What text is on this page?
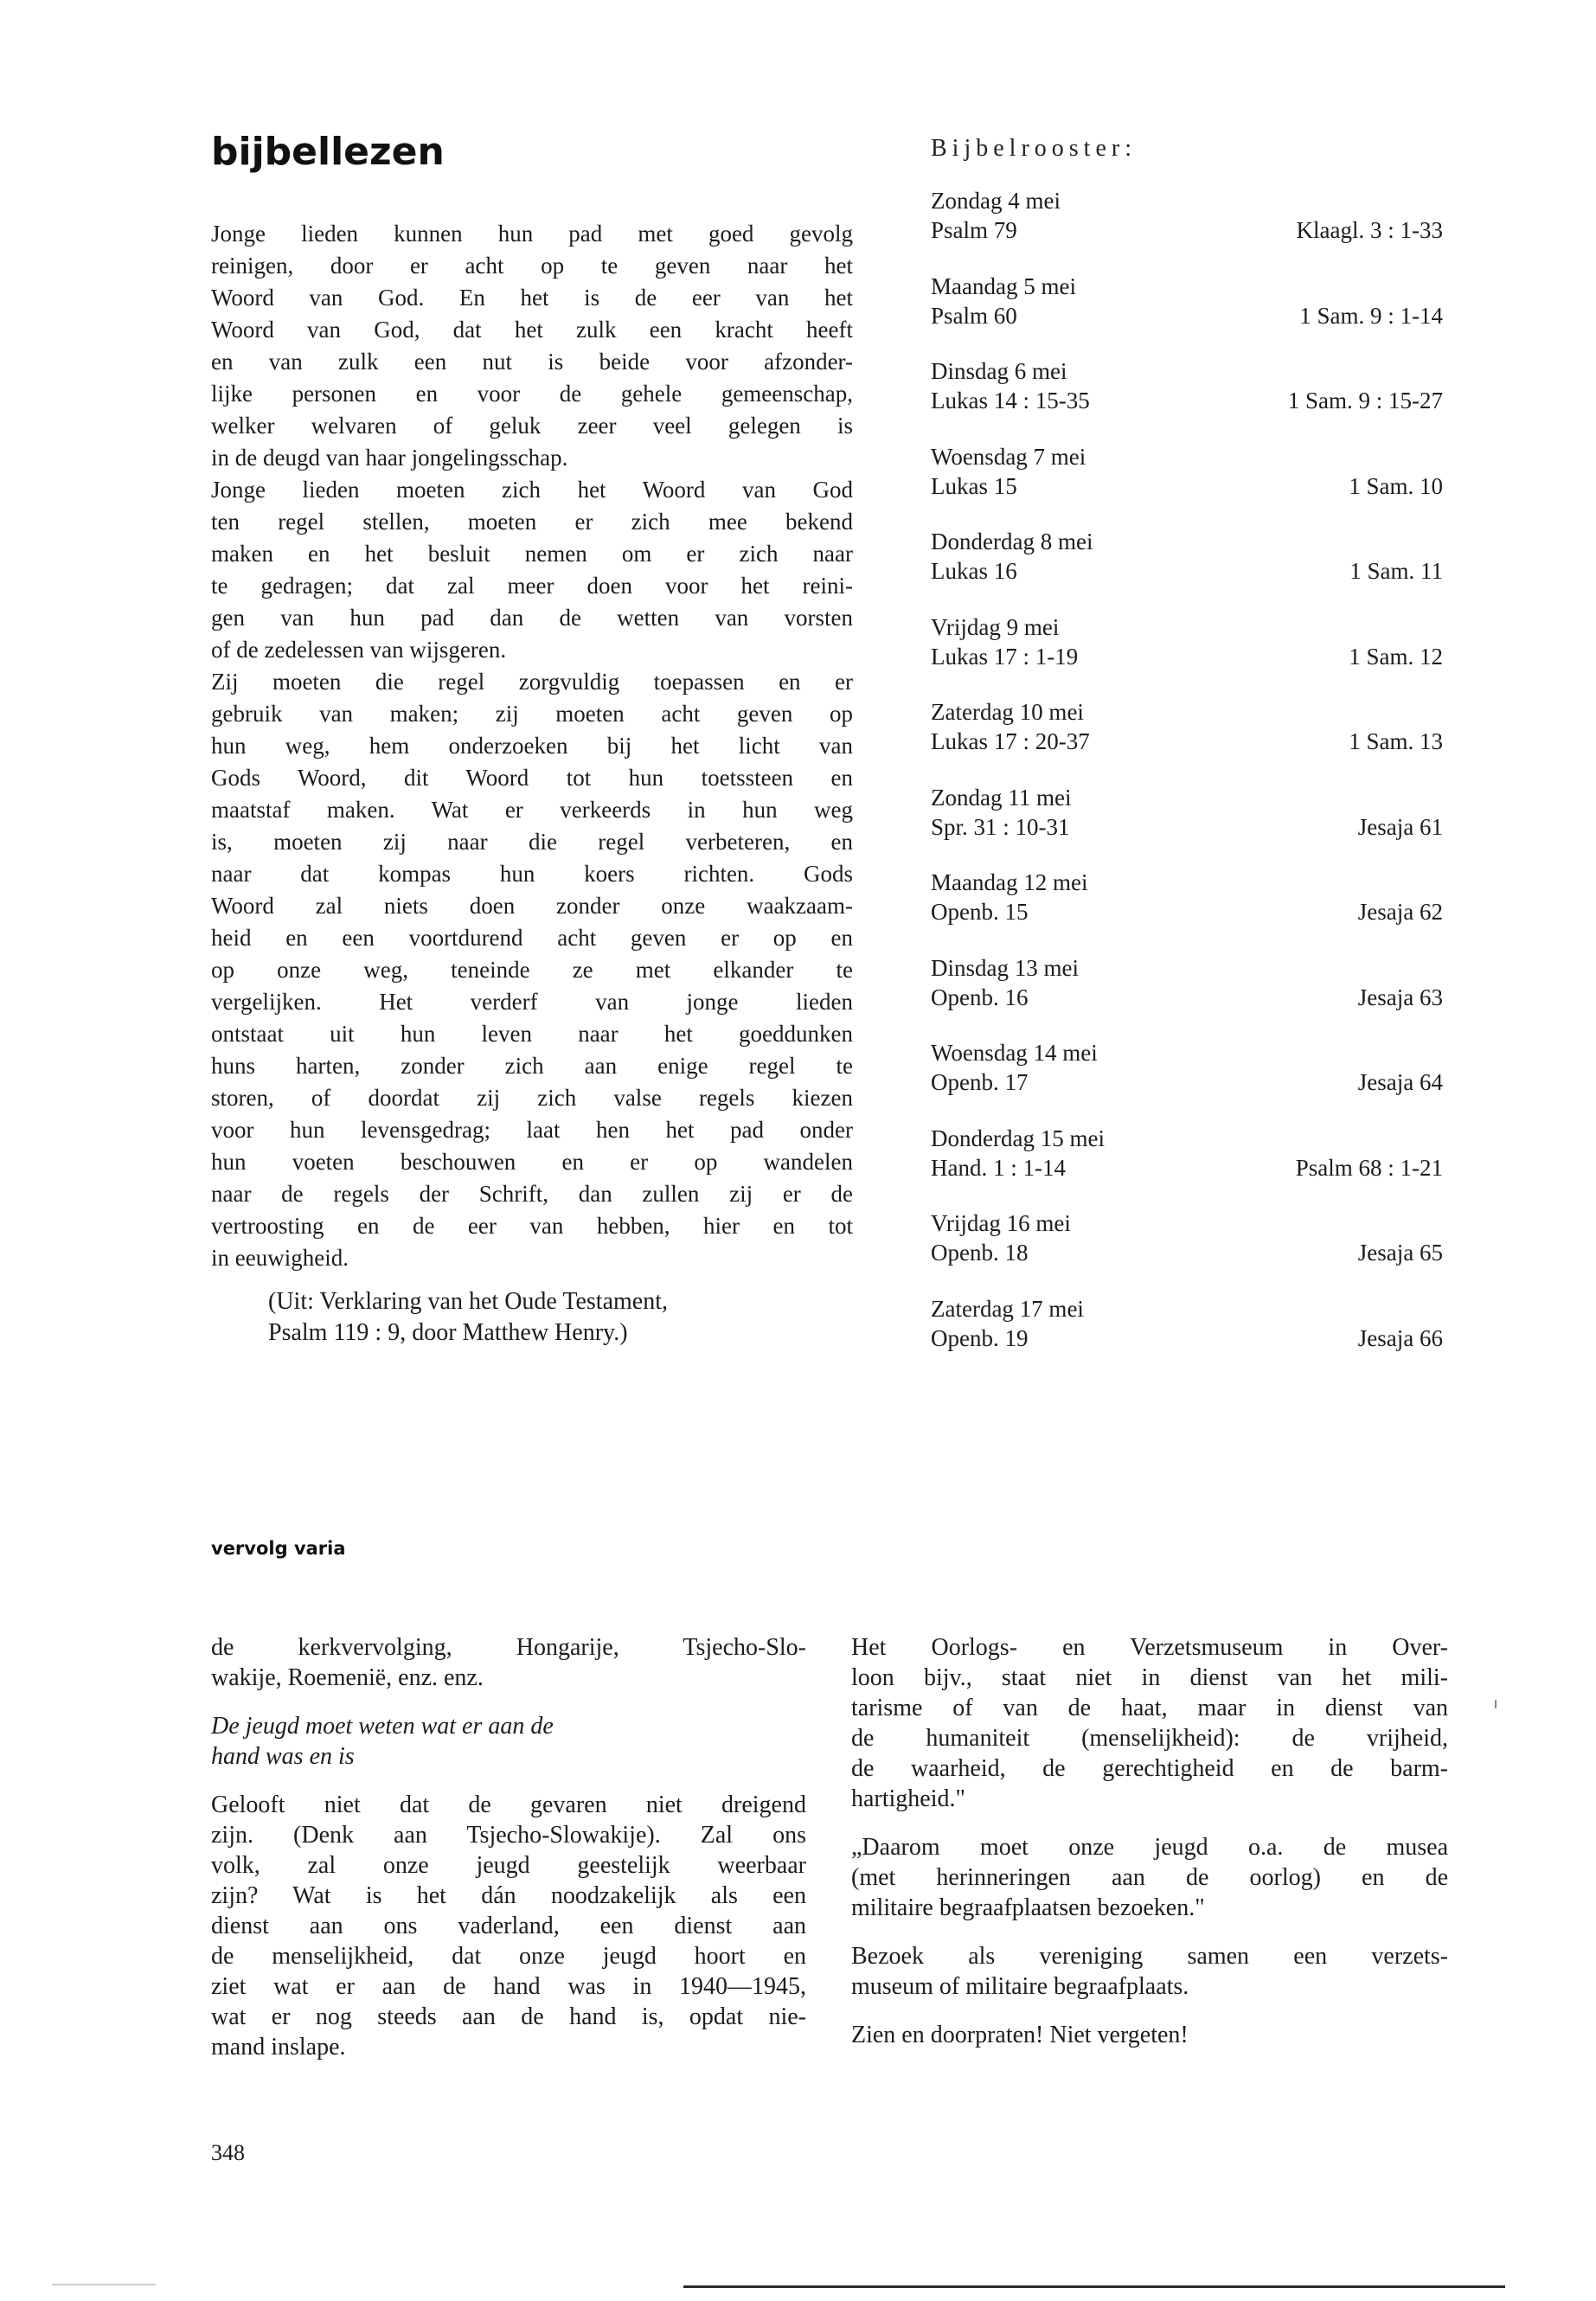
bijbellezen
Jonge lieden kunnen hun pad met goed gevolg
reinigen, door er acht op te geven naar het
Woord van God. En het is de eer van het
Woord van God, dat het zulk een kracht heeft
en van zulk een nut is beide voor afzonder-
lijke personen en voor de gehele gemeenschap,
welker welvaren of geluk zeer veel gelegen is
in de deugd van haar jongelingsschap.
Jonge lieden moeten zich het Woord van God
ten regel stellen, moeten er zich mee bekend
maken en het besluit nemen om er zich naar
te gedragen; dat zal meer doen voor het reini-
gen van hun pad dan de wetten van vorsten
of de zedelessen van wijsgeren.
Zij moeten die regel zorgvuldig toepassen en er
gebruik van maken; zij moeten acht geven op
hun weg, hem onderzoeken bij het licht van
Gods Woord, dit Woord tot hun toetssteen en
maatstaf maken. Wat er verkeerds in hun weg
is, moeten zij naar die regel verbeteren, en
naar dat kompas hun koers richten. Gods
Woord zal niets doen zonder onze waakzaam-
heid en een voortdurend acht geven er op en
op onze weg, teneinde ze met elkander te
vergelijken. Het verderf van jonge lieden
ontstaat uit hun leven naar het goeddunken
huns harten, zonder zich aan enige regel te
storen, of doordat zij zich valse regels kiezen
voor hun levensgedrag; laat hen het pad onder
hun voeten beschouwen en er op wandelen
naar de regels der Schrift, dan zullen zij er de
vertroosting en de eer van hebben, hier en tot
in eeuwigheid.
(Uit: Verklaring van het Oude Testament,
Psalm 119 : 9, door Matthew Henry.)
Bijbelrooster:
Zondag 4 mei
Psalm 79	Klaagl. 3 : 1-33
Maandag 5 mei
Psalm 60	1 Sam. 9 : 1-14
Dinsdag 6 mei
Lukas 14 : 15-35	1 Sam. 9 : 15-27
Woensdag 7 mei
Lukas 15	1 Sam. 10
Donderdag 8 mei
Lukas 16	1 Sam. 11
Vrijdag 9 mei
Lukas 17 : 1-19	1 Sam. 12
Zaterdag 10 mei
Lukas 17 : 20-37	1 Sam. 13
Zondag 11 mei
Spr. 31 : 10-31	Jesaja 61
Maandag 12 mei
Openb. 15	Jesaja 62
Dinsdag 13 mei
Openb. 16	Jesaja 63
Woensdag 14 mei
Openb. 17	Jesaja 64
Donderdag 15 mei
Hand. 1 : 1-14	Psalm 68 : 1-21
Vrijdag 16 mei
Openb. 18	Jesaja 65
Zaterdag 17 mei
Openb. 19	Jesaja 66
vervolg varia
de kerkvervolging, Hongarije, Tsjecho-Slo-
wakije, Roemenië, enz. enz.
De jeugd moet weten wat er aan de
hand was en is
Gelooft niet dat de gevaren niet dreigend
zijn. (Denk aan Tsjecho-Slowakije). Zal ons
volk, zal onze jeugd geestelijk weerbaar
zijn? Wat is het dán noodzakelijk als een
dienst aan ons vaderland, een dienst aan
de menselijkheid, dat onze jeugd hoort en
ziet wat er aan de hand was in 1940—1945,
wat er nog steeds aan de hand is, opdat nie-
mand inslape.
Het Oorlogs- en Verzetsmuseum in Over-
loon bijv., staat niet in dienst van het mili-
tarisme of van de haat, maar in dienst van
de humaniteit (menselijkheid): de vrijheid,
de waarheid, de gerechtigheid en de barm-
hartigheid."
„Daarom moet onze jeugd o.a. de musea
(met herinneringen aan de oorlog) en de
militaire begraafplaatsen bezoeken."
Bezoek als vereniging samen een verzets-
museum of militaire begraafplaats.
Zien en doorpraten! Niet vergeten!
348
